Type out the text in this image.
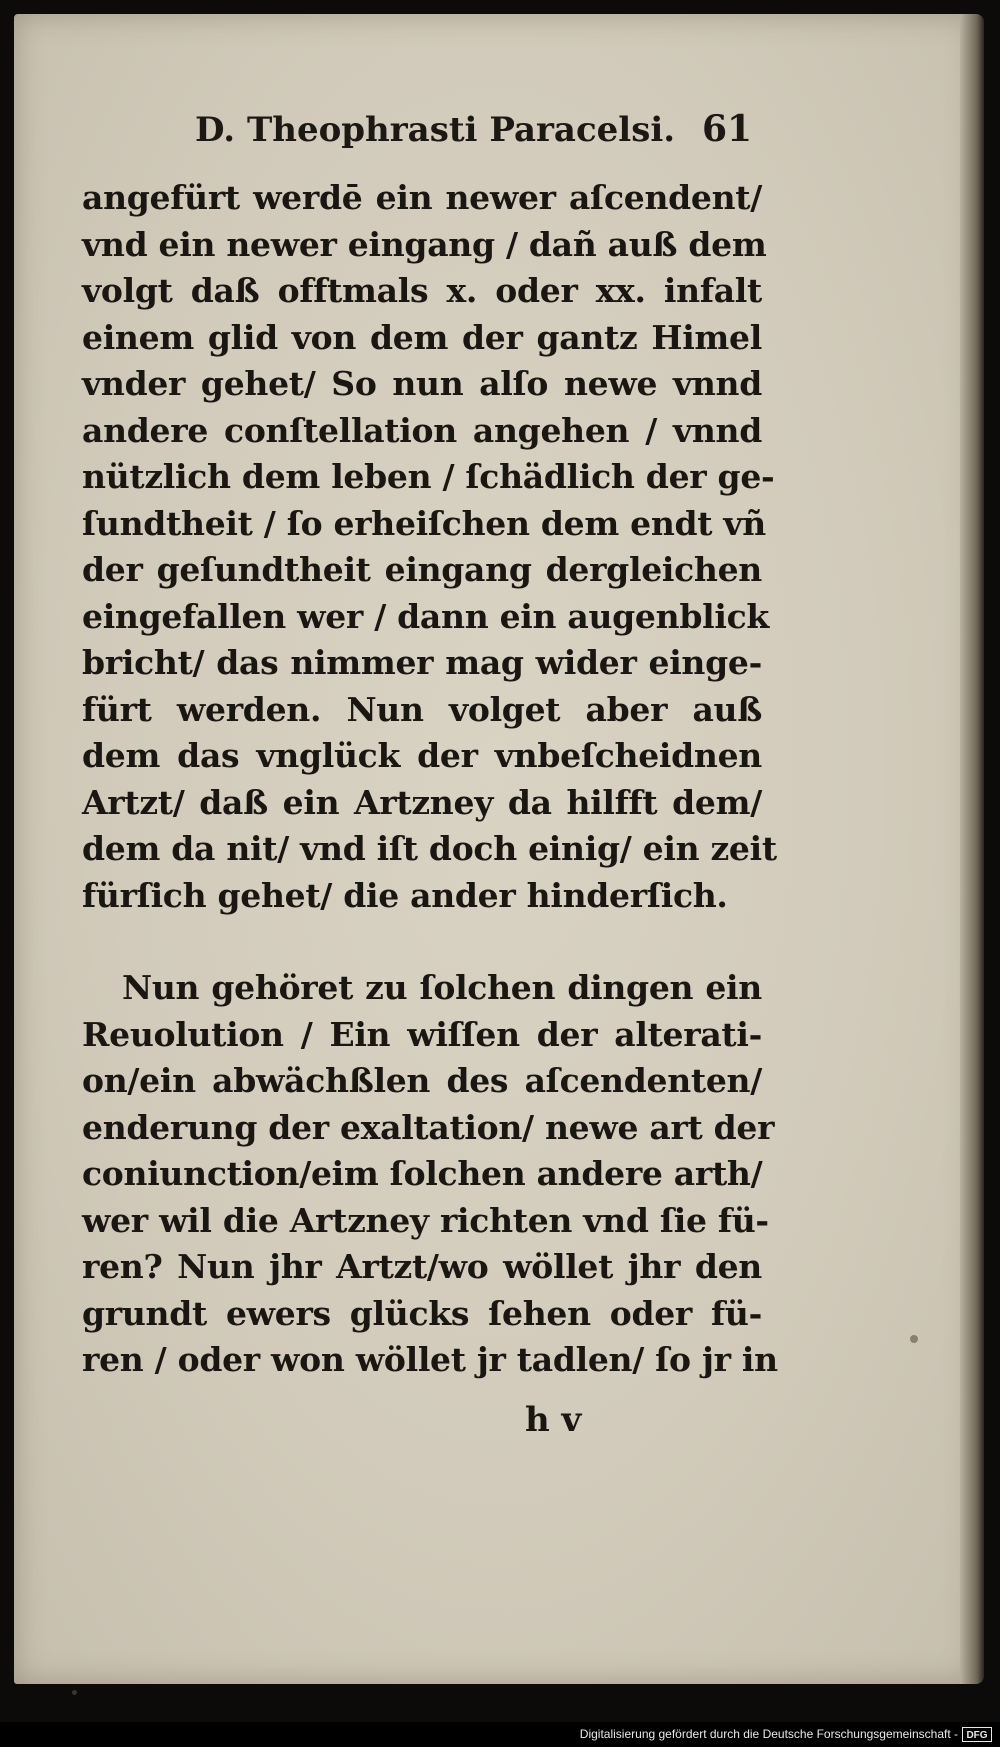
D. Theophrasti Paracelsi. 61
angefürt werdē ein newer aſcendent/
vnd ein newer eingang / dañ auß dem
volgt daß offtmals x. oder xx. infalt
einem glid von dem der gantz Himel
vnder gehet/ So nun alſo newe vnnd
andere conſtellation angehen / vnnd
nützlich dem leben / ſchädlich der ge-
ſundtheit / ſo erheiſchen dem endt vñ
der geſundtheit eingang dergleichen
eingefallen wer / dann ein augenblick
bricht/ das nimmer mag wider einge-
fürt werden. Nun volget aber auß
dem das vnglück der vnbeſcheidnen
Artzt/ daß ein Artzney da hilfft dem/
dem da nit/ vnd iſt doch einig/ ein zeit
fürſich gehet/ die ander hinderſich.
Nun gehöret zu ſolchen dingen ein
Reuolution / Ein wiſſen der alterati-
on/ein abwächßlen des aſcendenten/
enderung der exaltation/ newe art der
coniunction/eim ſolchen andere arth/
wer wil die Artzney richten vnd ſie fü-
ren? Nun jhr Artzt/wo wöllet jhr den
grundt ewers glücks ſehen oder fü-
ren / oder won wöllet jr tadlen/ ſo jr in
h v
Digitalisierung gefördert durch die Deutsche Forschungsgemeinschaft - DFG
